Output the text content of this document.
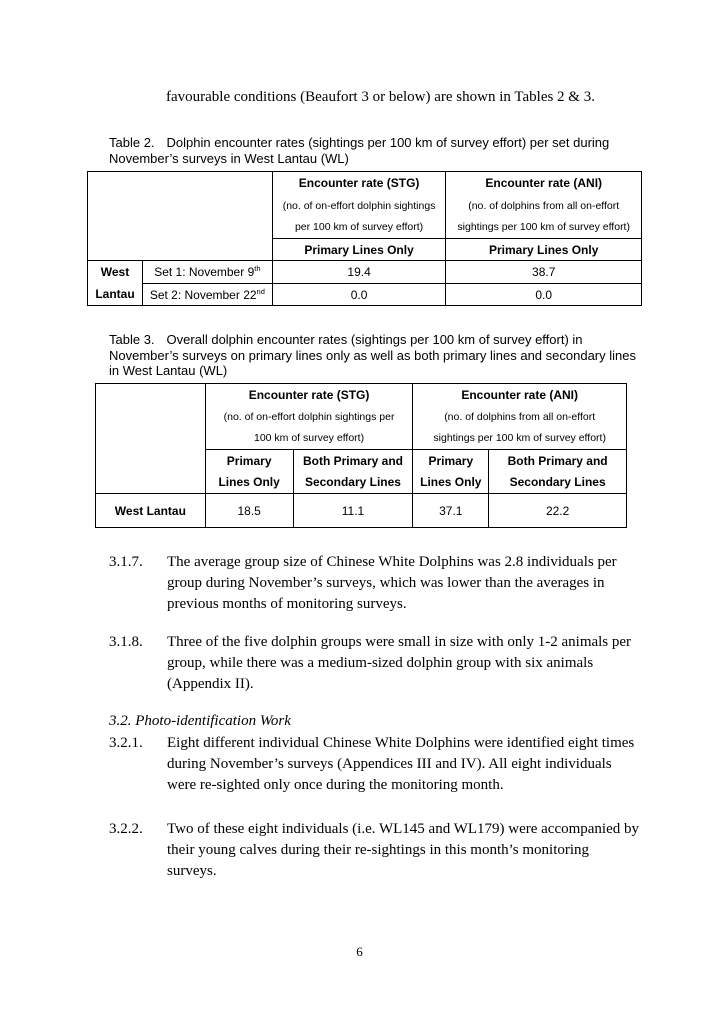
favourable conditions (Beaufort 3 or below) are shown in Tables 2 & 3.
Table 2. Dolphin encounter rates (sightings per 100 km of survey effort) per set during November’s surveys in West Lantau (WL)
		Encounter rate (STG)	Encounter rate (ANI)
		(no. of on-effort dolphin sightings	(no. of dolphins from all on-effort
		per 100 km of survey effort)	sightings per 100 km of survey effort)
		Primary Lines Only	Primary Lines Only
West	Set 1: November 9th	19.4	38.7
Lantau	Set 2: November 22nd	0.0	0.0
Table 3. Overall dolphin encounter rates (sightings per 100 km of survey effort) in November’s surveys on primary lines only as well as both primary lines and secondary lines in West Lantau (WL)
	Encounter rate (STG)		Encounter rate (ANI)	
	(no. of on-effort dolphin sightings per		(no. of dolphins from all on-effort	
	100 km of survey effort)		sightings per 100 km of survey effort)	
	Primary	Both Primary and	Primary	Both Primary and
	Lines Only	Secondary Lines	Lines Only	Secondary Lines
West Lantau	18.5	11.1	37.1	22.2
3.1.7. The average group size of Chinese White Dolphins was 2.8 individuals per group during November’s surveys, which was lower than the averages in previous months of monitoring surveys.
3.1.8. Three of the five dolphin groups were small in size with only 1-2 animals per group, while there was a medium-sized dolphin group with six animals (Appendix II).
3.2. Photo-identification Work
3.2.1. Eight different individual Chinese White Dolphins were identified eight times during November’s surveys (Appendices III and IV). All eight individuals were re-sighted only once during the monitoring month.
3.2.2. Two of these eight individuals (i.e. WL145 and WL179) were accompanied by their young calves during their re-sightings in this month’s monitoring surveys.
6
